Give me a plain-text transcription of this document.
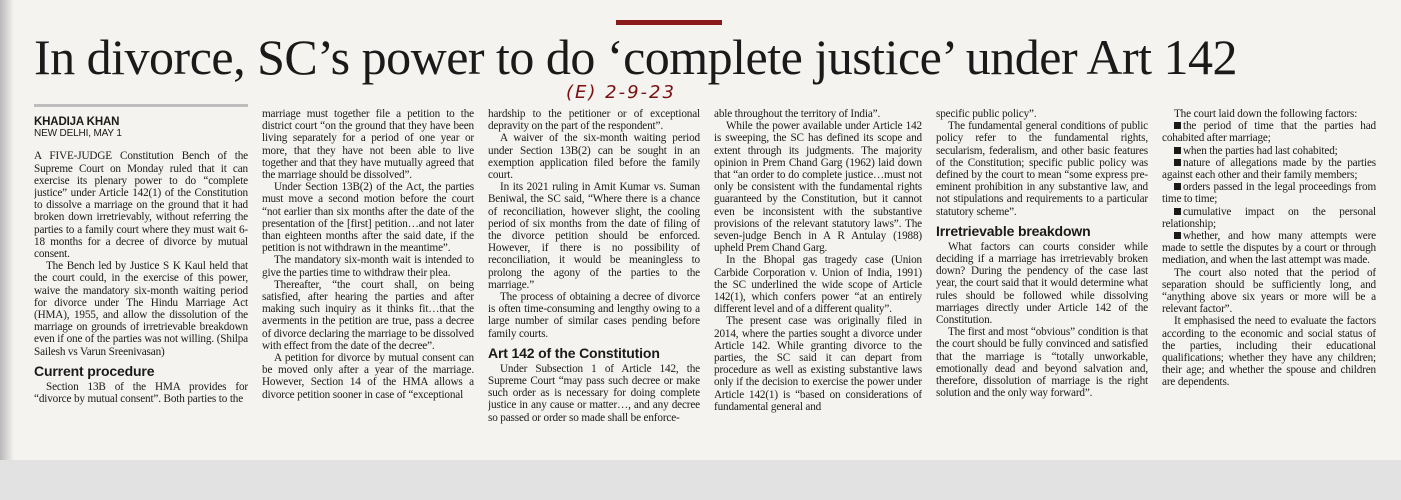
In divorce, SC’s power to do ‘complete justice’ under Art 142
(E) 2-9-23
KHADIJA KHAN
NEW DELHI, MAY 1

A FIVE-JUDGE Constitution Bench of the Supreme Court on Monday ruled that it can exercise its plenary power to do “complete justice” under Article 142(1) of the Constitution to dissolve a marriage on the ground that it had broken down irretrievably, without referring the parties to a family court where they must wait 6-18 months for a decree of divorce by mutual consent.

The Bench led by Justice S K Kaul held that the court could, in the exercise of this power, waive the mandatory six-month waiting period for divorce under The Hindu Marriage Act (HMA), 1955, and allow the dissolution of the marriage on grounds of irretrievable breakdown even if one of the parties was not willing. (Shilpa Sailesh vs Varun Sreenivasan)

Current procedure

Section 13B of the HMA provides for “divorce by mutual consent”. Both parties to the

marriage must together file a petition to the district court “on the ground that they have been living separately for a period of one year or more, that they have not been able to live together and that they have mutually agreed that the marriage should be dissolved”.

Under Section 13B(2) of the Act, the parties must move a second motion before the court “not earlier than six months after the date of the presentation of the [first] petition…and not later than eighteen months after the said date, if the petition is not withdrawn in the meantime”.

The mandatory six-month wait is intended to give the parties time to withdraw their plea.

Thereafter, “the court shall, on being satisfied, after hearing the parties and after making such inquiry as it thinks fit…that the averments in the petition are true, pass a decree of divorce declaring the marriage to be dissolved with effect from the date of the decree”.

A petition for divorce by mutual consent can be moved only after a year of the marriage. However, Section 14 of the HMA allows a divorce petition sooner in case of “exceptional

hardship to the petitioner or of exceptional depravity on the part of the respondent”.

A waiver of the six-month waiting period under Section 13B(2) can be sought in an exemption application filed before the family court.

In its 2021 ruling in Amit Kumar vs. Suman Beniwal, the SC said, “Where there is a chance of reconciliation, however slight, the cooling period of six months from the date of filing of the divorce petition should be enforced. However, if there is no possibility of reconciliation, it would be meaningless to prolong the agony of the parties to the marriage.”

The process of obtaining a decree of divorce is often time-consuming and lengthy owing to a large number of similar cases pending before family courts.

Art 142 of the Constitution

Under Subsection 1 of Article 142, the Supreme Court “may pass such decree or make such order as is necessary for doing complete justice in any cause or matter…, and any decree so passed or order so made shall be enforce-

able throughout the territory of India”.

While the power available under Article 142 is sweeping, the SC has defined its scope and extent through its judgments. The majority opinion in Prem Chand Garg (1962) laid down that “an order to do complete justice…must not only be consistent with the fundamental rights guaranteed by the Constitution, but it cannot even be inconsistent with the substantive provisions of the relevant statutory laws”. The seven-judge Bench in A R Antulay (1988) upheld Prem Chand Garg.

In the Bhopal gas tragedy case (Union Carbide Corporation v. Union of India, 1991) the SC underlined the wide scope of Article 142(1), which confers power “at an entirely different level and of a different quality”.

The present case was originally filed in 2014, where the parties sought a divorce under Article 142. While granting divorce to the parties, the SC said it can depart from procedure as well as existing substantive laws only if the decision to exercise the power under Article 142(1) is “based on considerations of fundamental general and

specific public policy”.

The fundamental general conditions of public policy refer to the fundamental rights, secularism, federalism, and other basic features of the Constitution; specific public policy was defined by the court to mean “some express pre-eminent prohibition in any substantive law, and not stipulations and requirements to a particular statutory scheme”.

Irretrievable breakdown

What factors can courts consider while deciding if a marriage has irretrievably broken down? During the pendency of the case last year, the court said that it would determine what rules should be followed while dissolving marriages directly under Article 142 of the Constitution.

The first and most “obvious” condition is that the court should be fully convinced and satisfied that the marriage is “totally unworkable, emotionally dead and beyond salvation and, therefore, dissolution of marriage is the right solution and the only way forward”.

The court laid down the following factors:

the period of time that the parties had cohabited after marriage;

when the parties had last cohabited;

nature of allegations made by the parties against each other and their family members;

orders passed in the legal proceedings from time to time;

cumulative impact on the personal relationship;

whether, and how many attempts were made to settle the disputes by a court or through mediation, and when the last attempt was made.

The court also noted that the period of separation should be sufficiently long, and “anything above six years or more will be a relevant factor”.

It emphasised the need to evaluate the factors according to the economic and social status of the parties, including their educational qualifications; whether they have any children; their age; and whether the spouse and children are dependents.
